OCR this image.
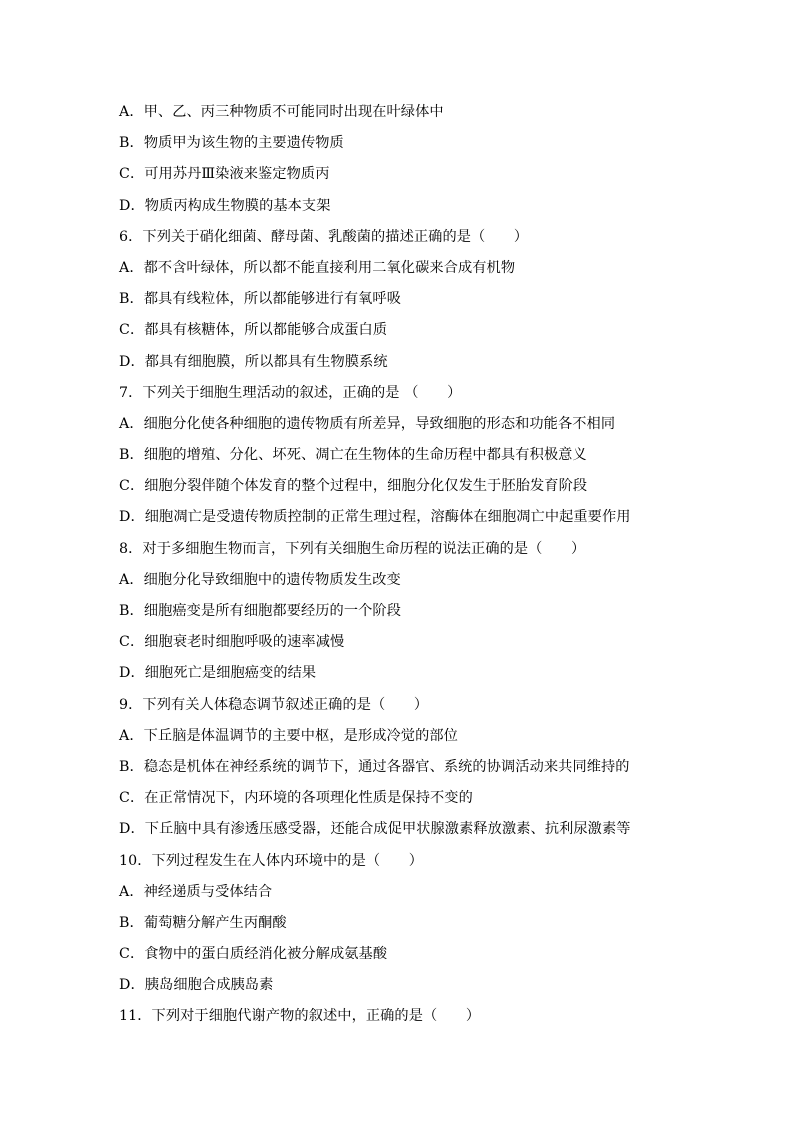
A．甲、乙、丙三种物质不可能同时出现在叶绿体中
B．物质甲为该生物的主要遗传物质
C．可用苏丹Ⅲ染液来鉴定物质丙
D．物质丙构成生物膜的基本支架
6．下列关于硝化细菌、酵母菌、乳酸菌的描述正确的是（　　）
A．都不含叶绿体，所以都不能直接利用二氧化碳来合成有机物
B．都具有线粒体，所以都能够进行有氧呼吸
C．都具有核糖体，所以都能够合成蛋白质
D．都具有细胞膜，所以都具有生物膜系统
7．下列关于细胞生理活动的叙述，正确的是 （　　）
A．细胞分化使各种细胞的遗传物质有所差异，导致细胞的形态和功能各不相同
B．细胞的增殖、分化、坏死、凋亡在生物体的生命历程中都具有积极意义
C．细胞分裂伴随个体发育的整个过程中，细胞分化仅发生于胚胎发育阶段
D．细胞凋亡是受遗传物质控制的正常生理过程，溶酶体在细胞凋亡中起重要作用
8．对于多细胞生物而言，下列有关细胞生命历程的说法正确的是（　　）
A．细胞分化导致细胞中的遗传物质发生改变
B．细胞癌变是所有细胞都要经历的一个阶段
C．细胞衰老时细胞呼吸的速率减慢
D．细胞死亡是细胞癌变的结果
9．下列有关人体稳态调节叙述正确的是（　　）
A．下丘脑是体温调节的主要中枢，是形成冷觉的部位
B．稳态是机体在神经系统的调节下，通过各器官、系统的协调活动来共同维持的
C．在正常情况下，内环境的各项理化性质是保持不变的
D．下丘脑中具有渗透压感受器，还能合成促甲状腺激素释放激素、抗利尿激素等
10．下列过程发生在人体内环境中的是（　　）
A．神经递质与受体结合
B．葡萄糖分解产生丙酮酸
C．食物中的蛋白质经消化被分解成氨基酸
D．胰岛细胞合成胰岛素
11．下列对于细胞代谢产物的叙述中，正确的是（　　）
